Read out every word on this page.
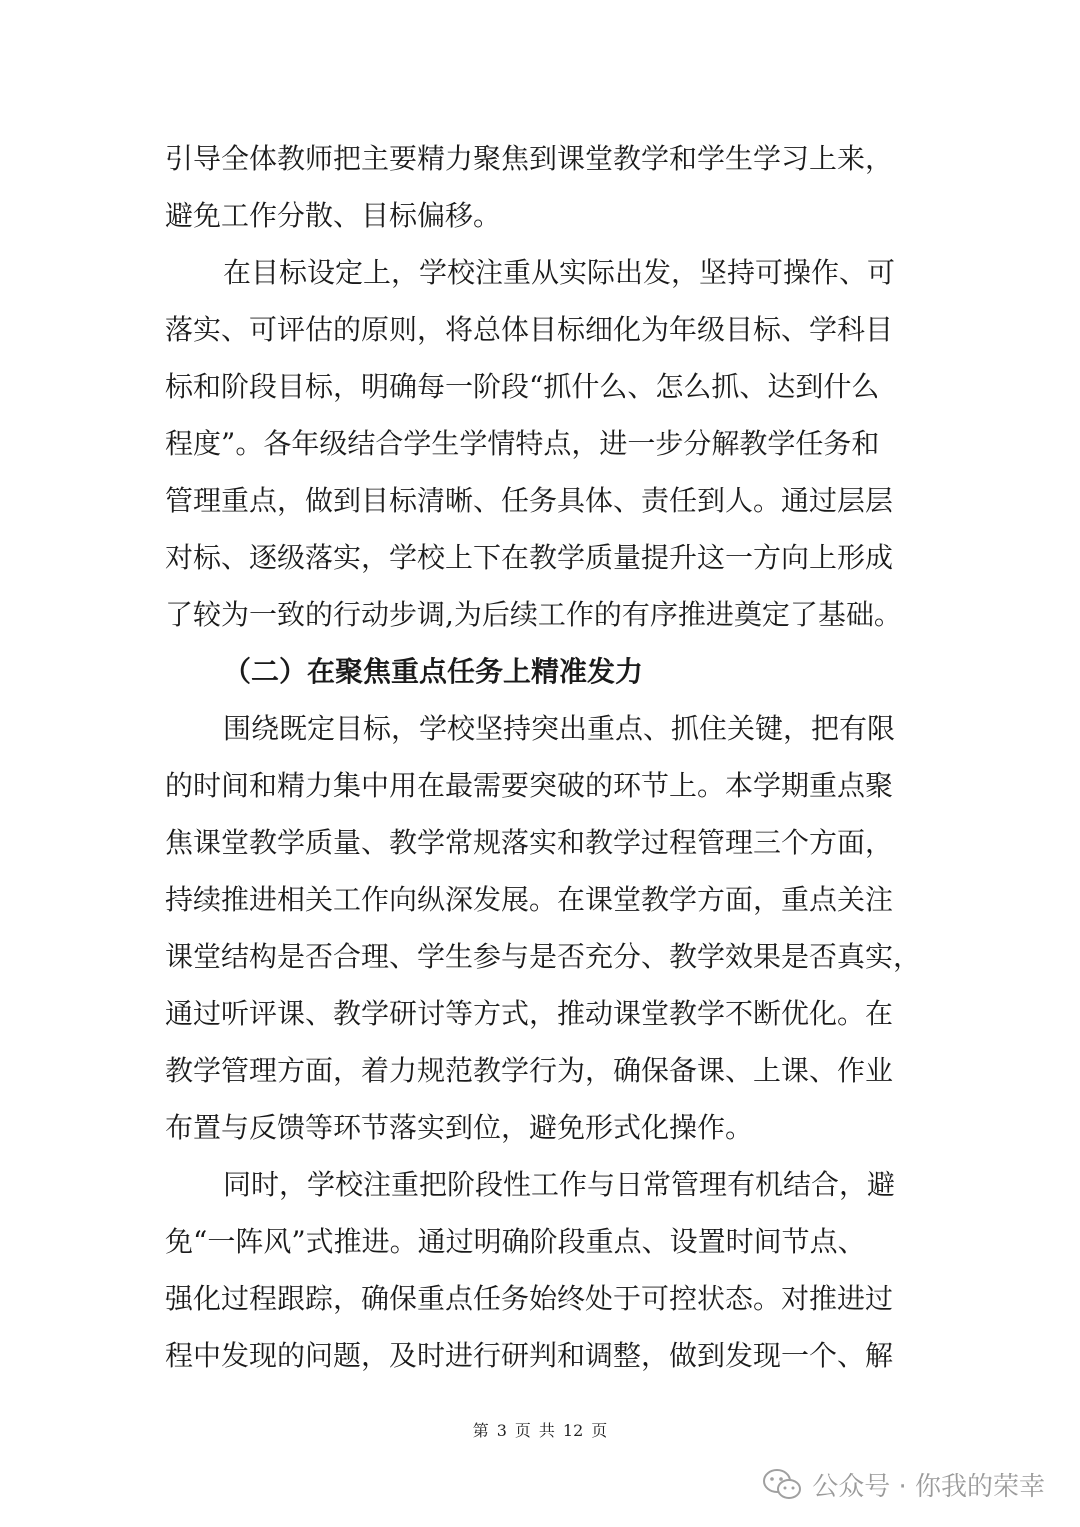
引导全体教师把主要精力聚焦到课堂教学和学生学习上来，
避免工作分散、目标偏移。
在目标设定上，学校注重从实际出发，坚持可操作、可
落实、可评估的原则，将总体目标细化为年级目标、学科目
标和阶段目标，明确每一阶段“抓什么、怎么抓、达到什么
程度”。各年级结合学生学情特点，进一步分解教学任务和
管理重点，做到目标清晰、任务具体、责任到人。通过层层
对标、逐级落实，学校上下在教学质量提升这一方向上形成
了较为一致的行动步调,为后续工作的有序推进奠定了基础。
（二）在聚焦重点任务上精准发力
围绕既定目标，学校坚持突出重点、抓住关键，把有限
的时间和精力集中用在最需要突破的环节上。本学期重点聚
焦课堂教学质量、教学常规落实和教学过程管理三个方面，
持续推进相关工作向纵深发展。在课堂教学方面，重点关注
课堂结构是否合理、学生参与是否充分、教学效果是否真实，
通过听评课、教学研讨等方式，推动课堂教学不断优化。在
教学管理方面，着力规范教学行为，确保备课、上课、作业
布置与反馈等环节落实到位，避免形式化操作。
同时，学校注重把阶段性工作与日常管理有机结合，避
免“一阵风”式推进。通过明确阶段重点、设置时间节点、
强化过程跟踪，确保重点任务始终处于可控状态。对推进过
程中发现的问题，及时进行研判和调整，做到发现一个、解
第 3 页 共 12 页
公众号 · 你我的荣幸
